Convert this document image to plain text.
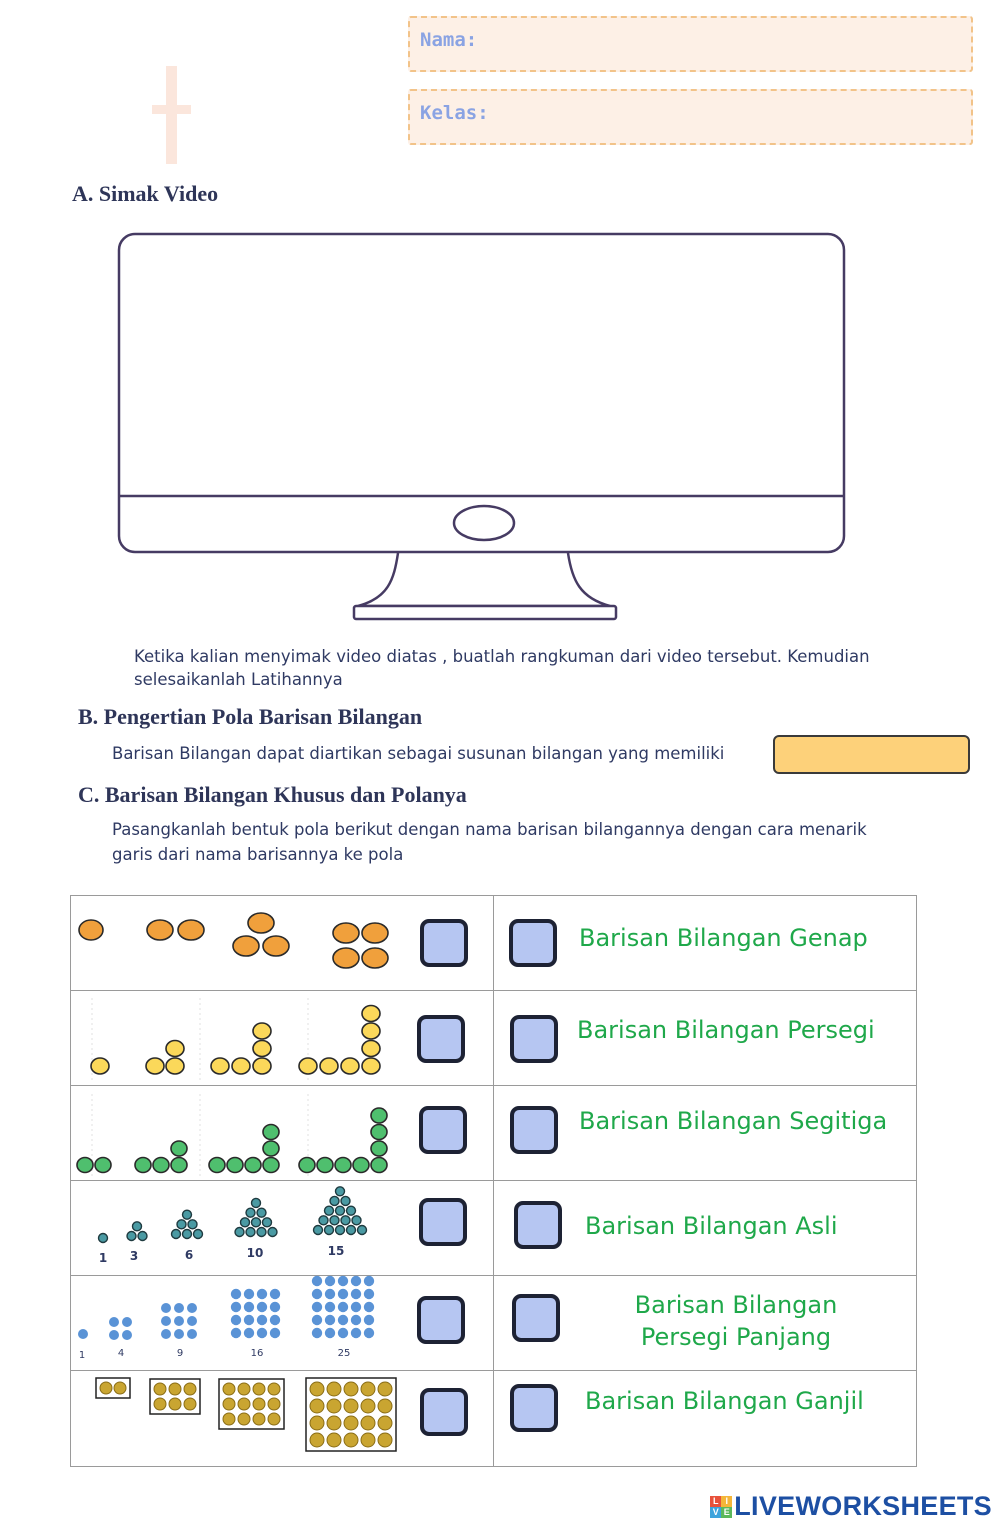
Nama:
Kelas:
A. Simak Video
Ketika kalian menyimak video diatas , buatlah rangkuman dari video tersebut. Kemudian
selesaikanlah Latihannya
B. Pengertian Pola Barisan Bilangan
Barisan Bilangan dapat diartikan sebagai susunan bilangan yang memiliki
C. Barisan Bilangan Khusus dan Polanya
Pasangkanlah bentuk pola berikut dengan nama barisan bilangannya dengan cara menarik
garis dari nama barisannya ke pola
1 3	6	10	15
1	4	9	16	25
Barisan Bilangan Genap
Barisan Bilangan Persegi
Barisan Bilangan Segitiga
Barisan Bilangan Asli
Barisan Bilangan Persegi Panjang
Barisan Bilangan Ganjil
L I
V E LIVEWORKSHEETS
